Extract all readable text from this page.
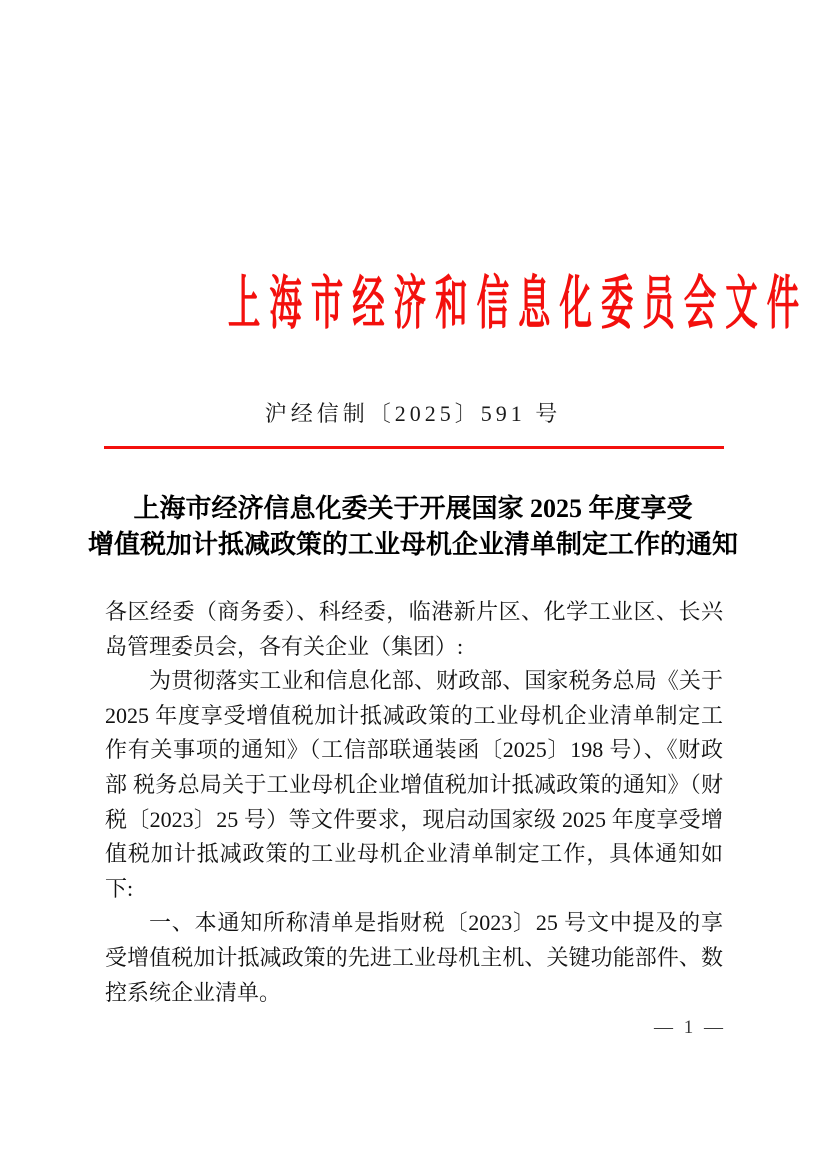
上海市经济和信息化委员会文件
沪经信制〔2025〕591 号
上海市经济信息化委关于开展国家 2025 年度享受
增值税加计抵减政策的工业母机企业清单制定工作的通知

各区经委（商务委）、科经委，临港新片区、化学工业区、长兴岛管理委员会，各有关企业（集团）:

为贯彻落实工业和信息化部、财政部、国家税务总局《关于 2025 年度享受增值税加计抵减政策的工业母机企业清单制定工作有关事项的通知》（工信部联通装函〔2025〕198 号）、《财政部 税务总局关于工业母机企业增值税加计抵减政策的通知》（财税〔2023〕25 号）等文件要求，现启动国家级 2025 年度享受增值税加计抵减政策的工业母机企业清单制定工作，具体通知如下:

一、本通知所称清单是指财税〔2023〕25 号文中提及的享受增值税加计抵减政策的先进工业母机主机、关键功能部件、数控系统企业清单。

— 1 —
